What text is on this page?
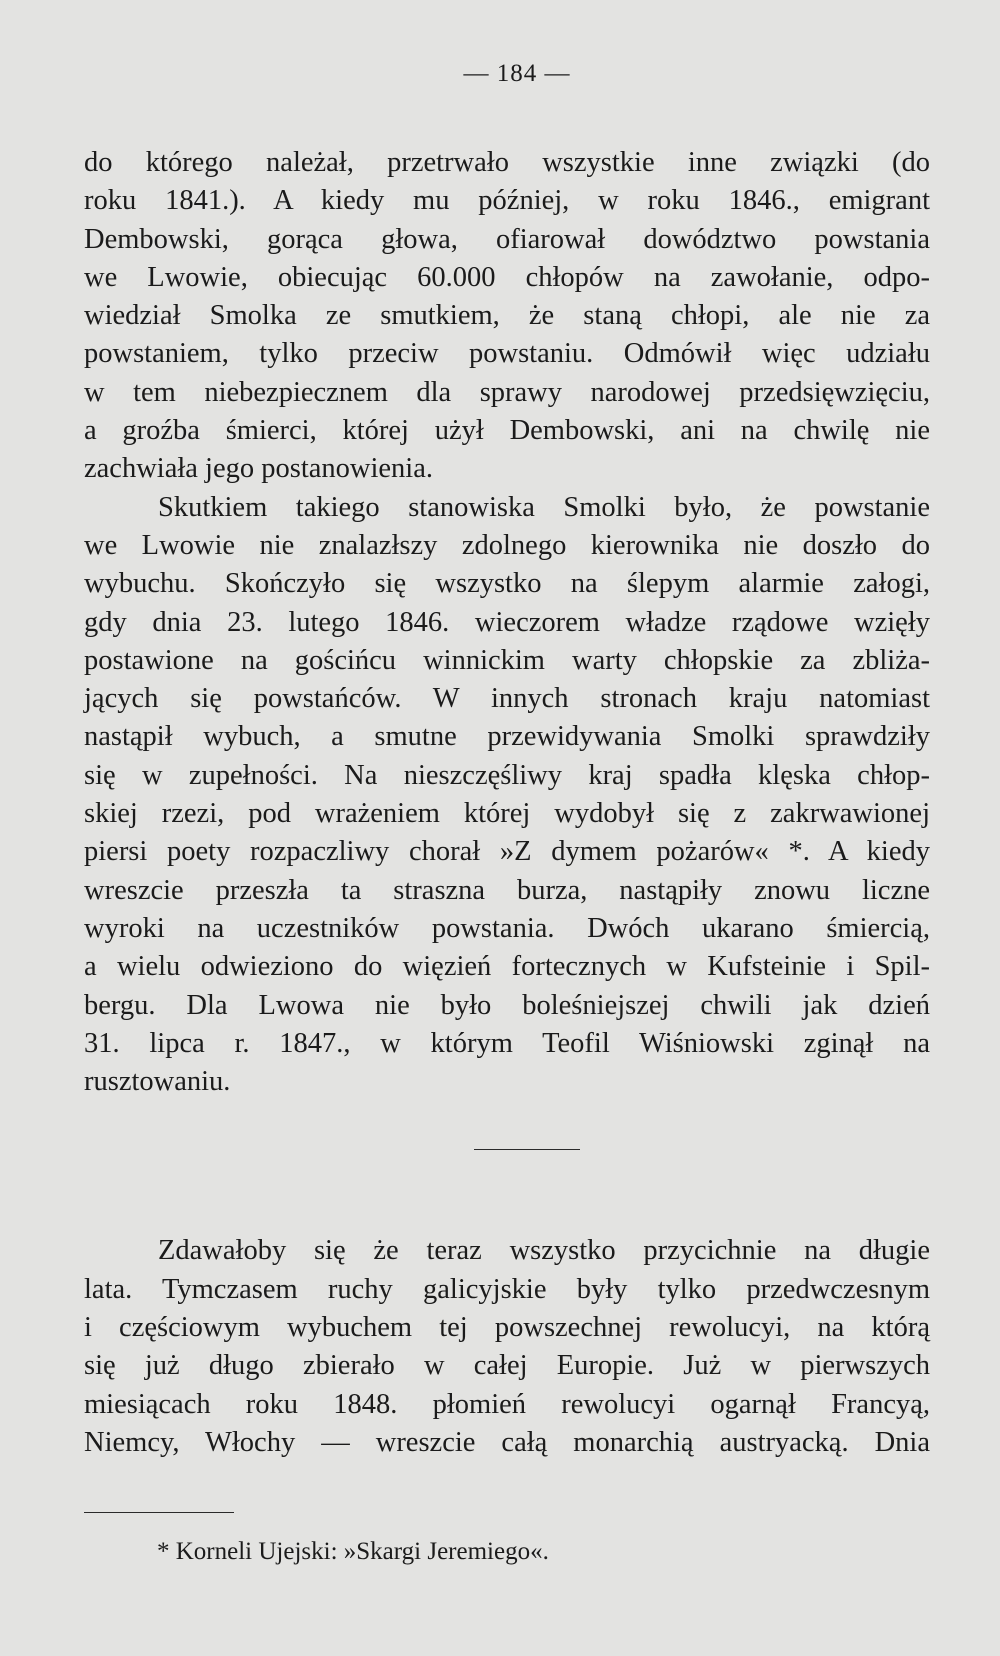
— 184 —
do którego należał, przetrwało wszystkie inne związki (do
roku 1841.). A kiedy mu później, w roku 1846., emigrant
Dembowski, gorąca głowa, ofiarował dowództwo powstania
we Lwowie, obiecując 60.000 chłopów na zawołanie, odpo-
wiedział Smolka ze smutkiem, że staną chłopi, ale nie za
powstaniem, tylko przeciw powstaniu. Odmówił więc udziału
w tem niebezpiecznem dla sprawy narodowej przedsięwzięciu,
a groźba śmierci, której użył Dembowski, ani na chwilę nie
zachwiała jego postanowienia.
Skutkiem takiego stanowiska Smolki było, że powstanie
we Lwowie nie znalazłszy zdolnego kierownika nie doszło do
wybuchu. Skończyło się wszystko na ślepym alarmie załogi,
gdy dnia 23. lutego 1846. wieczorem władze rządowe wzięły
postawione na gościńcu winnickim warty chłopskie za zbliża-
jących się powstańców. W innych stronach kraju natomiast
nastąpił wybuch, a smutne przewidywania Smolki sprawdziły
się w zupełności. Na nieszczęśliwy kraj spadła klęska chłop-
skiej rzezi, pod wrażeniem której wydobył się z zakrwawionej
piersi poety rozpaczliwy chorał »Z dymem pożarów« *. A kiedy
wreszcie przeszła ta straszna burza, nastąpiły znowu liczne
wyroki na uczestników powstania. Dwóch ukarano śmiercią,
a wielu odwieziono do więzień fortecznych w Kufsteinie i Spil-
bergu. Dla Lwowa nie było boleśniejszej chwili jak dzień
31. lipca r. 1847., w którym Teofil Wiśniowski zginął na
rusztowaniu.
Zdawałoby się że teraz wszystko przycichnie na długie
lata. Tymczasem ruchy galicyjskie były tylko przedwczesnym
i częściowym wybuchem tej powszechnej rewolucyi, na którą
się już długo zbierało w całej Europie. Już w pierwszych
miesiącach roku 1848. płomień rewolucyi ogarnął Francyą,
Niemcy, Włochy — wreszcie całą monarchią austryacką. Dnia

* Korneli Ujejski: »Skargi Jeremiego«.
